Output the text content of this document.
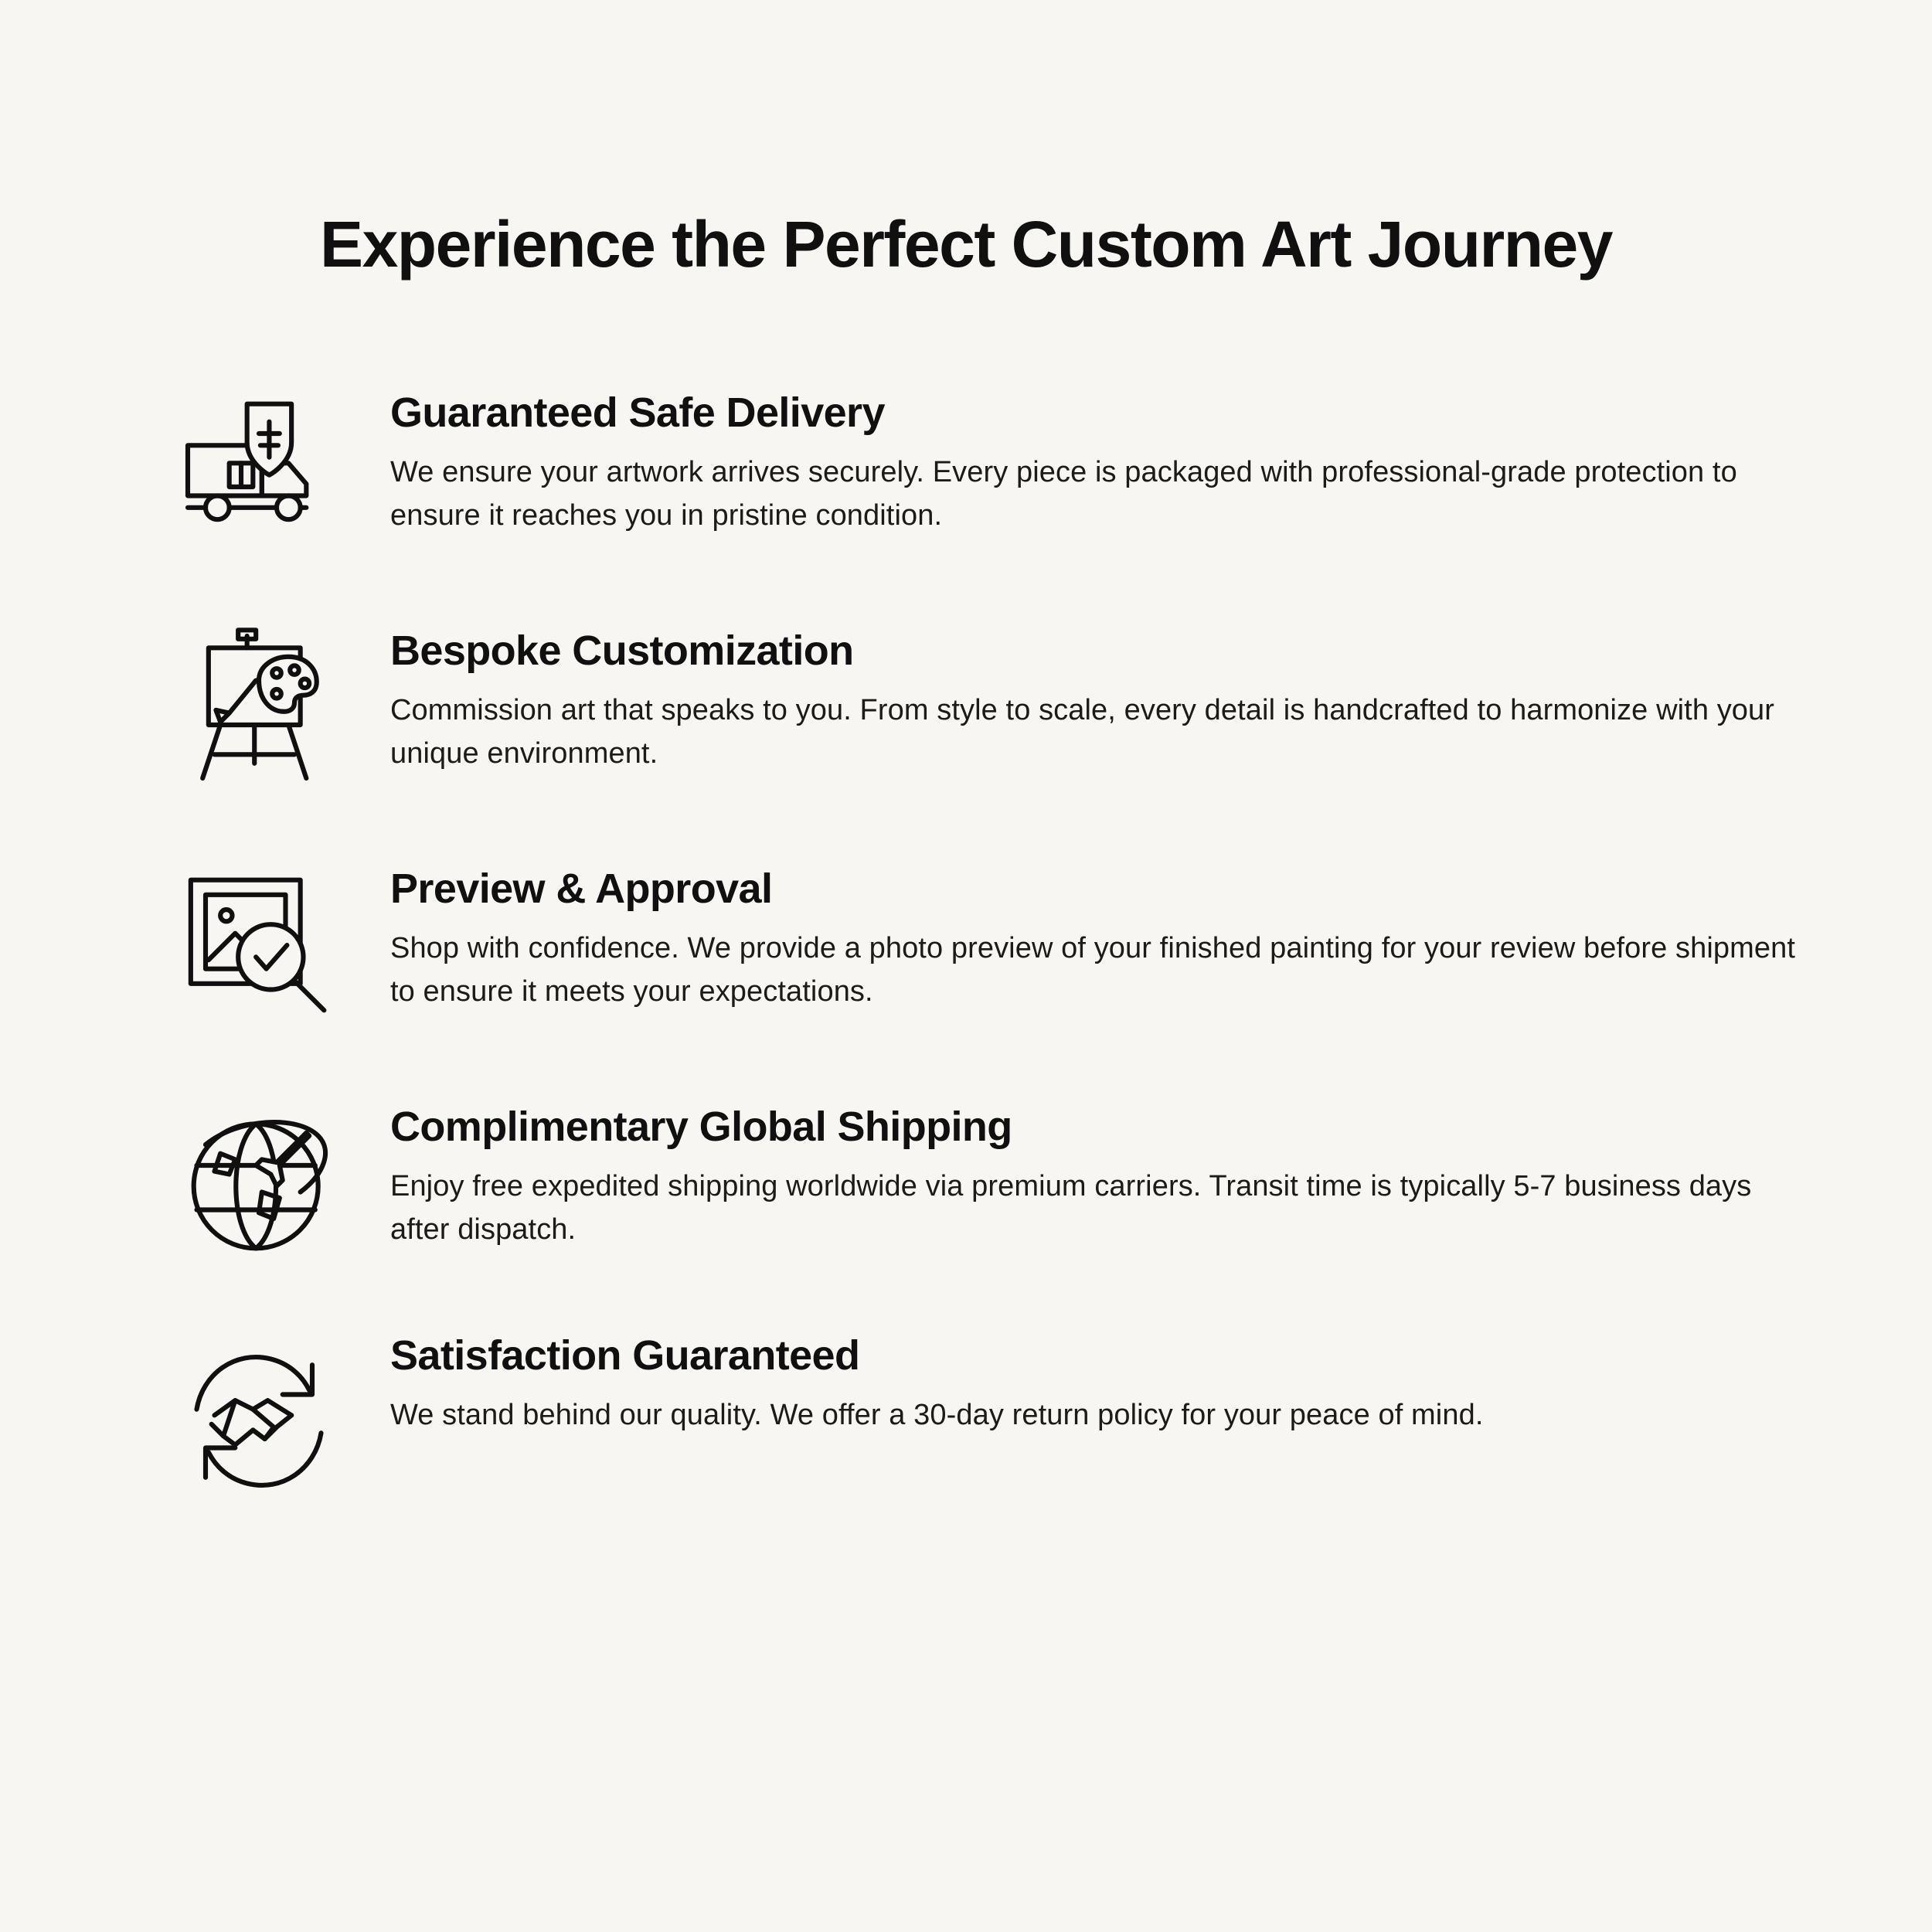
Experience the Perfect Custom Art Journey
Guaranteed Safe Delivery

We ensure your artwork arrives securely. Every piece is packaged with professional-grade protection to ensure it reaches you in pristine condition.

Bespoke Customization

Commission art that speaks to you. From style to scale, every detail is handcrafted to harmonize with your unique environment.

Preview & Approval

Shop with confidence. We provide a photo preview of your finished painting for your review before shipment to ensure it meets your expectations.

Complimentary Global Shipping

Enjoy free expedited shipping worldwide via premium carriers. Transit time is typically 5-7 business days after dispatch.

Satisfaction Guaranteed

We stand behind our quality. We offer a 30-day return policy for your peace of mind.
